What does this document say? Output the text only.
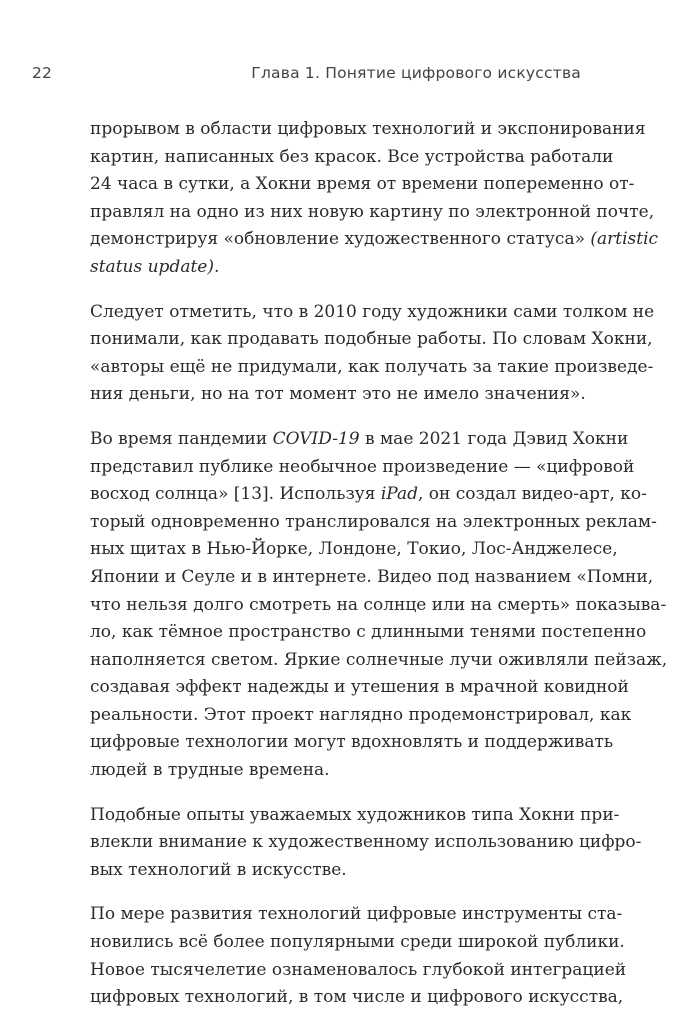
22	Глава 1. Понятие цифрового искусства

прорывом в области цифровых технологий и экспонирования
картин, написанных без красок. Все устройства работали
24 часа в сутки, а Хокни время от времени попеременно от-
правлял на одно из них новую картину по электронной почте,
демонстрируя «обновление художественного статуса» (artistic
status update).

Следует отметить, что в 2010 году художники сами толком не
понимали, как продавать подобные работы. По словам Хокни,
«авторы ещё не придумали, как получать за такие произведе-
ния деньги, но на тот момент это не имело значения».

Во время пандемии COVID-19 в мае 2021 года Дэвид Хокни
представил публике необычное произведение — «цифровой
восход солнца» [13]. Используя iPad, он создал видео-арт, ко-
торый одновременно транслировался на электронных реклам-
ных щитах в Нью-Йорке, Лондоне, Токио, Лос-Анджелесе,
Японии и Сеуле и в интернете. Видео под названием «Помни,
что нельзя долго смотреть на солнце или на смерть» показыва-
ло, как тёмное пространство с длинными тенями постепенно
наполняется светом. Яркие солнечные лучи оживляли пейзаж,
создавая эффект надежды и утешения в мрачной ковидной
реальности. Этот проект наглядно продемонстрировал, как
цифровые технологии могут вдохновлять и поддерживать
людей в трудные времена.

Подобные опыты уважаемых художников типа Хокни при-
влекли внимание к художественному использованию цифро-
вых технологий в искусстве.

По мере развития технологий цифровые инструменты ста-
новились всё более популярными среди широкой публики.
Новое тысячелетие ознаменовалось глубокой интеграцией
цифровых технологий, в том числе и цифрового искусства,
